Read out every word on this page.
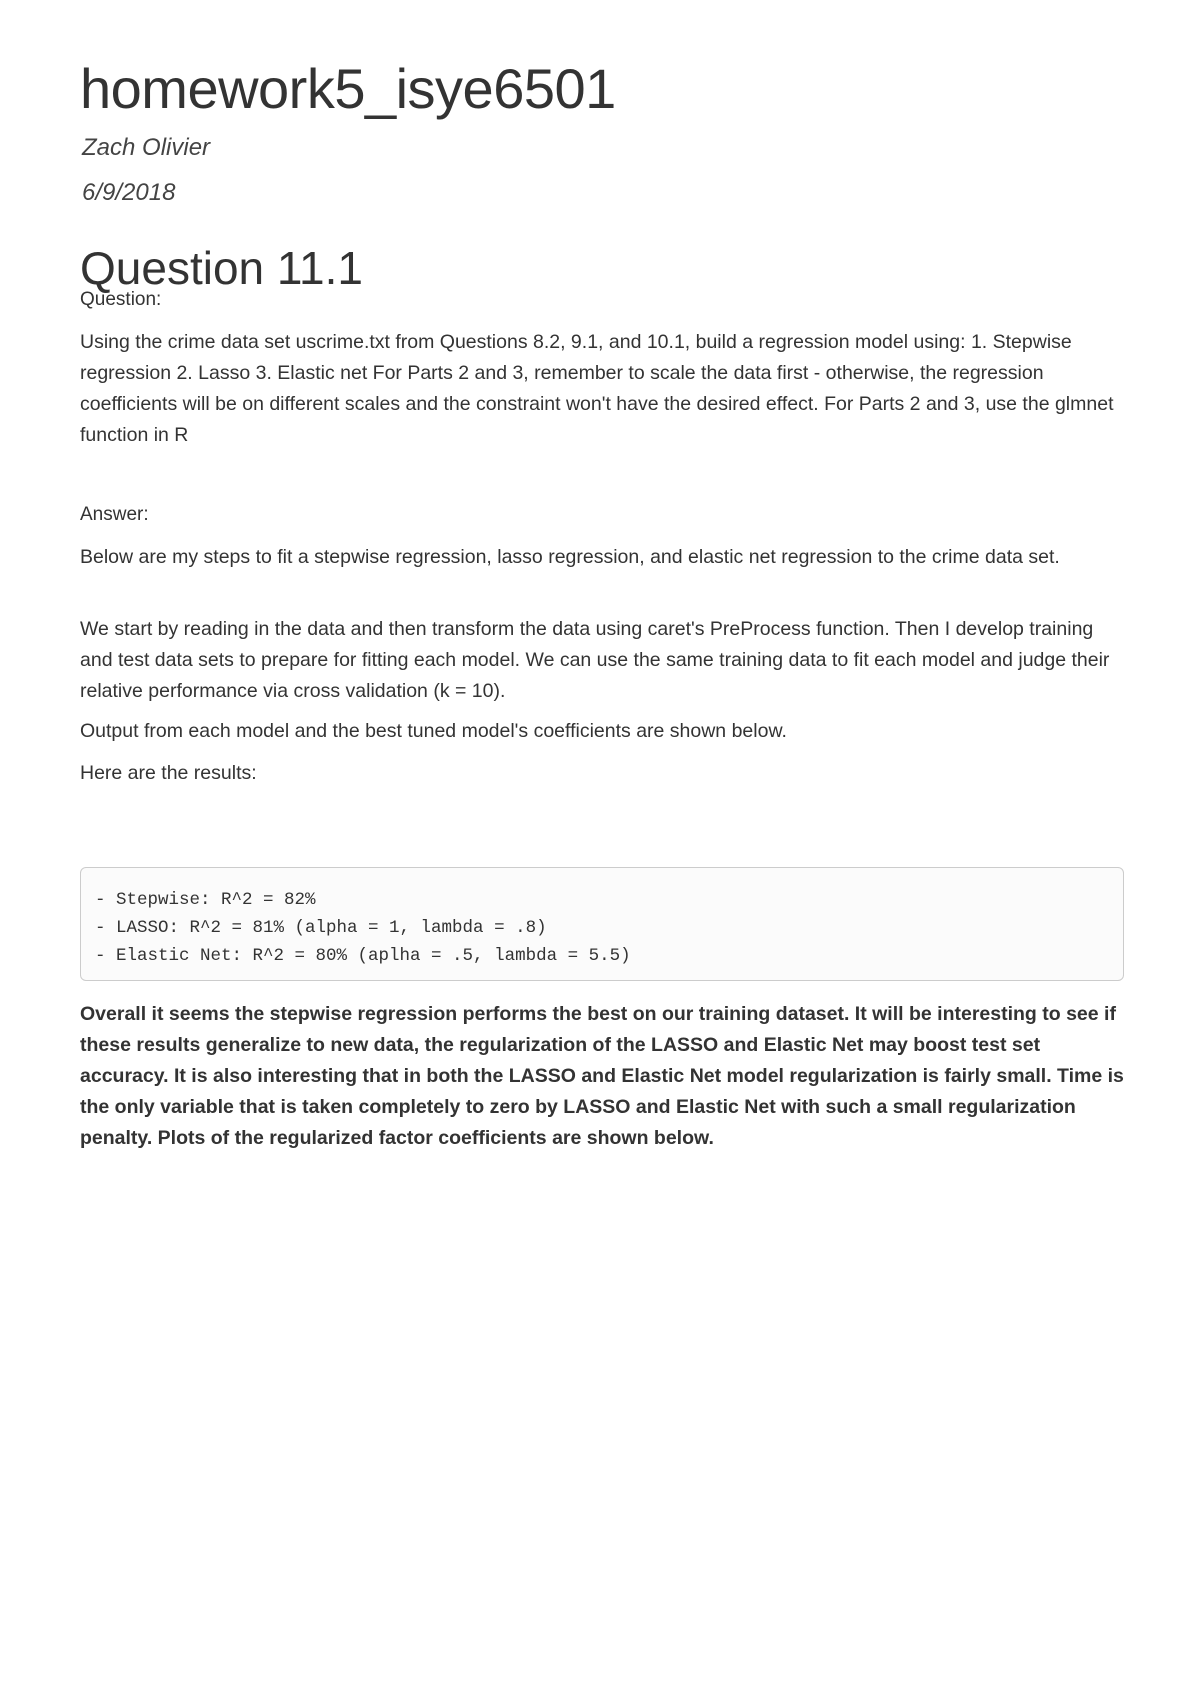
homework5_isye6501
Zach Olivier
6/9/2018
Question 11.1
Question:

Using the crime data set uscrime.txt from Questions 8.2, 9.1, and 10.1, build a regression model using: 1. Stepwise regression 2. Lasso 3. Elastic net For Parts 2 and 3, remember to scale the data first - otherwise, the regression coefficients will be on different scales and the constraint won't have the desired effect. For Parts 2 and 3, use the glmnet function in R

Answer:

Below are my steps to fit a stepwise regression, lasso regression, and elastic net regression to the crime data set.

We start by reading in the data and then transform the data using caret's PreProcess function. Then I develop training and test data sets to prepare for fitting each model. We can use the same training data to fit each model and judge their relative performance via cross validation (k = 10).

Output from each model and the best tuned model's coefficients are shown below.

Here are the results:

- Stepwise: R^2 = 82%
- LASSO: R^2 = 81% (alpha = 1, lambda = .8)
- Elastic Net: R^2 = 80% (aplha = .5, lambda = 5.5)

Overall it seems the stepwise regression performs the best on our training dataset. It will be interesting to see if these results generalize to new data, the regularization of the LASSO and Elastic Net may boost test set accuracy. It is also interesting that in both the LASSO and Elastic Net model regularization is fairly small. Time is the only variable that is taken completely to zero by LASSO and Elastic Net with such a small regularization penalty. Plots of the regularized factor coefficients are shown below.
